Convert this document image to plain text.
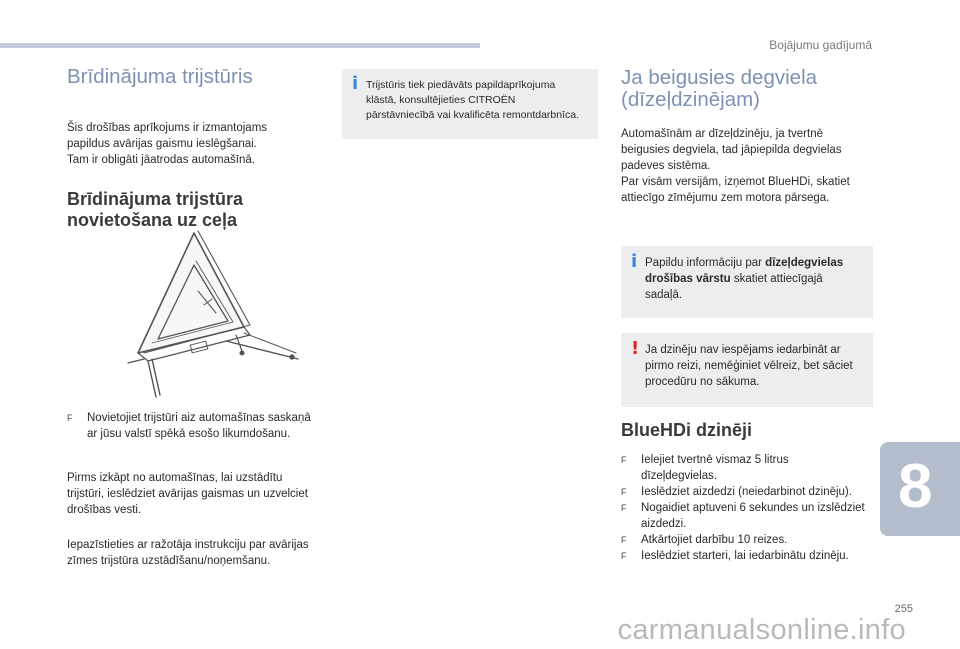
Bojājumu gadījumā
Brīdinājuma trijstūris

Šis drošības aprīkojums ir izmantojams
papildus avārijas gaismu ieslēgšanai.
Tam ir obligāti jāatrodas automašīnā.

Brīdinājuma trijstūra
novietošana uz ceļa
F Novietojiet trijstūri aiz automašīnas saskaņā
ar jūsu valstī spēkā esošo likumdošanu.

Pirms izkāpt no automašīnas, lai uzstādītu
trijstūri, ieslēdziet avārijas gaismas un uzvelciet
drošības vesti.

Iepazīstieties ar ražotāja instrukciju par avārijas
zīmes trijstūra uzstādīšanu/noņemšanu.

i Trijstūris tiek piedāvāts papildaprīkojuma
klāstā, konsultējieties CITROËN
pārstāvniecībā vai kvalificēta remontdarbnīca.
Ja beigusies degviela
(dīzeļdzinējam)

Automašīnām ar dīzeļdzinēju, ja tvertnē
beigusies degviela, tad jāpiepilda degvielas
padeves sistēma.
Par visām versijām, izņemot BlueHDi, skatiet
attiecīgo zīmējumu zem motora pārsega.

i Papildu informāciju par dīzeļdegvielas
drošības vārstu skatiet attiecīgajā
sadaļā.
! Ja dzinēju nav iespējams iedarbināt ar
pirmo reizi, nemēģiniet vēlreiz, bet sāciet
procedūru no sākuma.
BlueHDi dzinēji
F Ielejiet tvertnē vismaz 5 litrus
dīzeļdegvielas.
F Ieslēdziet aizdedzi (neiedarbinot dzinēju).
F Nogaidiet aptuveni 6 sekundes un izslēdziet
aizdedzi.
F Atkārtojiet darbību 10 reizes.
F Ieslēdziet starteri, lai iedarbinātu dzinēju.
8
255
carmanualsonline.info
